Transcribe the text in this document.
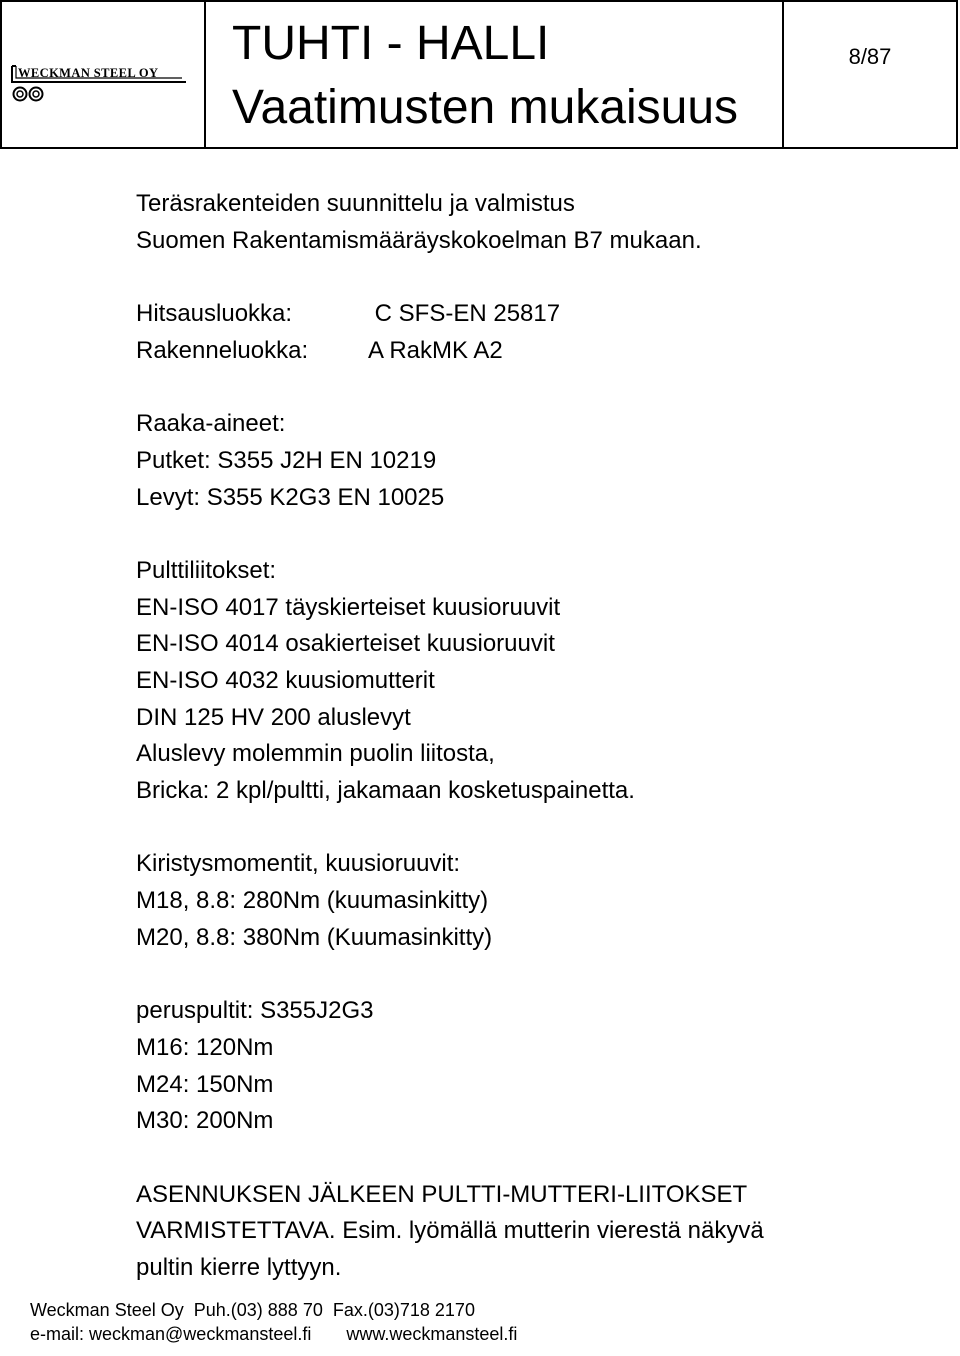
WECKMAN STEEL OY
TUHTI - HALLI
Vaatimusten mukaisuus
8/87
Teräsrakenteiden suunnittelu ja valmistus
Suomen Rakentamismääräyskokoelman B7 mukaan.
Hitsausluokka:	C SFS-EN 25817
Rakenneluokka: A RakMK A2
Raaka-aineet:
Putket: S355 J2H EN 10219
Levyt: S355 K2G3 EN 10025
Pulttiliitokset:
EN-ISO 4017 täyskierteiset kuusioruuvit
EN-ISO 4014 osakierteiset kuusioruuvit
EN-ISO 4032 kuusiomutterit
DIN 125 HV 200 aluslevyt
Aluslevy molemmin puolin liitosta,
Bricka: 2 kpl/pultti, jakamaan kosketuspainetta.
Kiristysmomentit, kuusioruuvit:
M18, 8.8: 280Nm (kuumasinkitty)
M20, 8.8: 380Nm (Kuumasinkitty)
peruspultit: S355J2G3
M16: 120Nm
M24: 150Nm
M30: 200Nm
ASENNUKSEN JÄLKEEN PULTTI-MUTTERI-LIITOKSET
VARMISTETTAVA. Esim. lyömällä mutterin vierestä näkyvä
pultin kierre lyttyyn.
Weckman Steel Oy Puh.(03) 888 70 Fax.(03)718 2170
e-mail: weckman@weckmansteel.fi www.weckmansteel.fi
